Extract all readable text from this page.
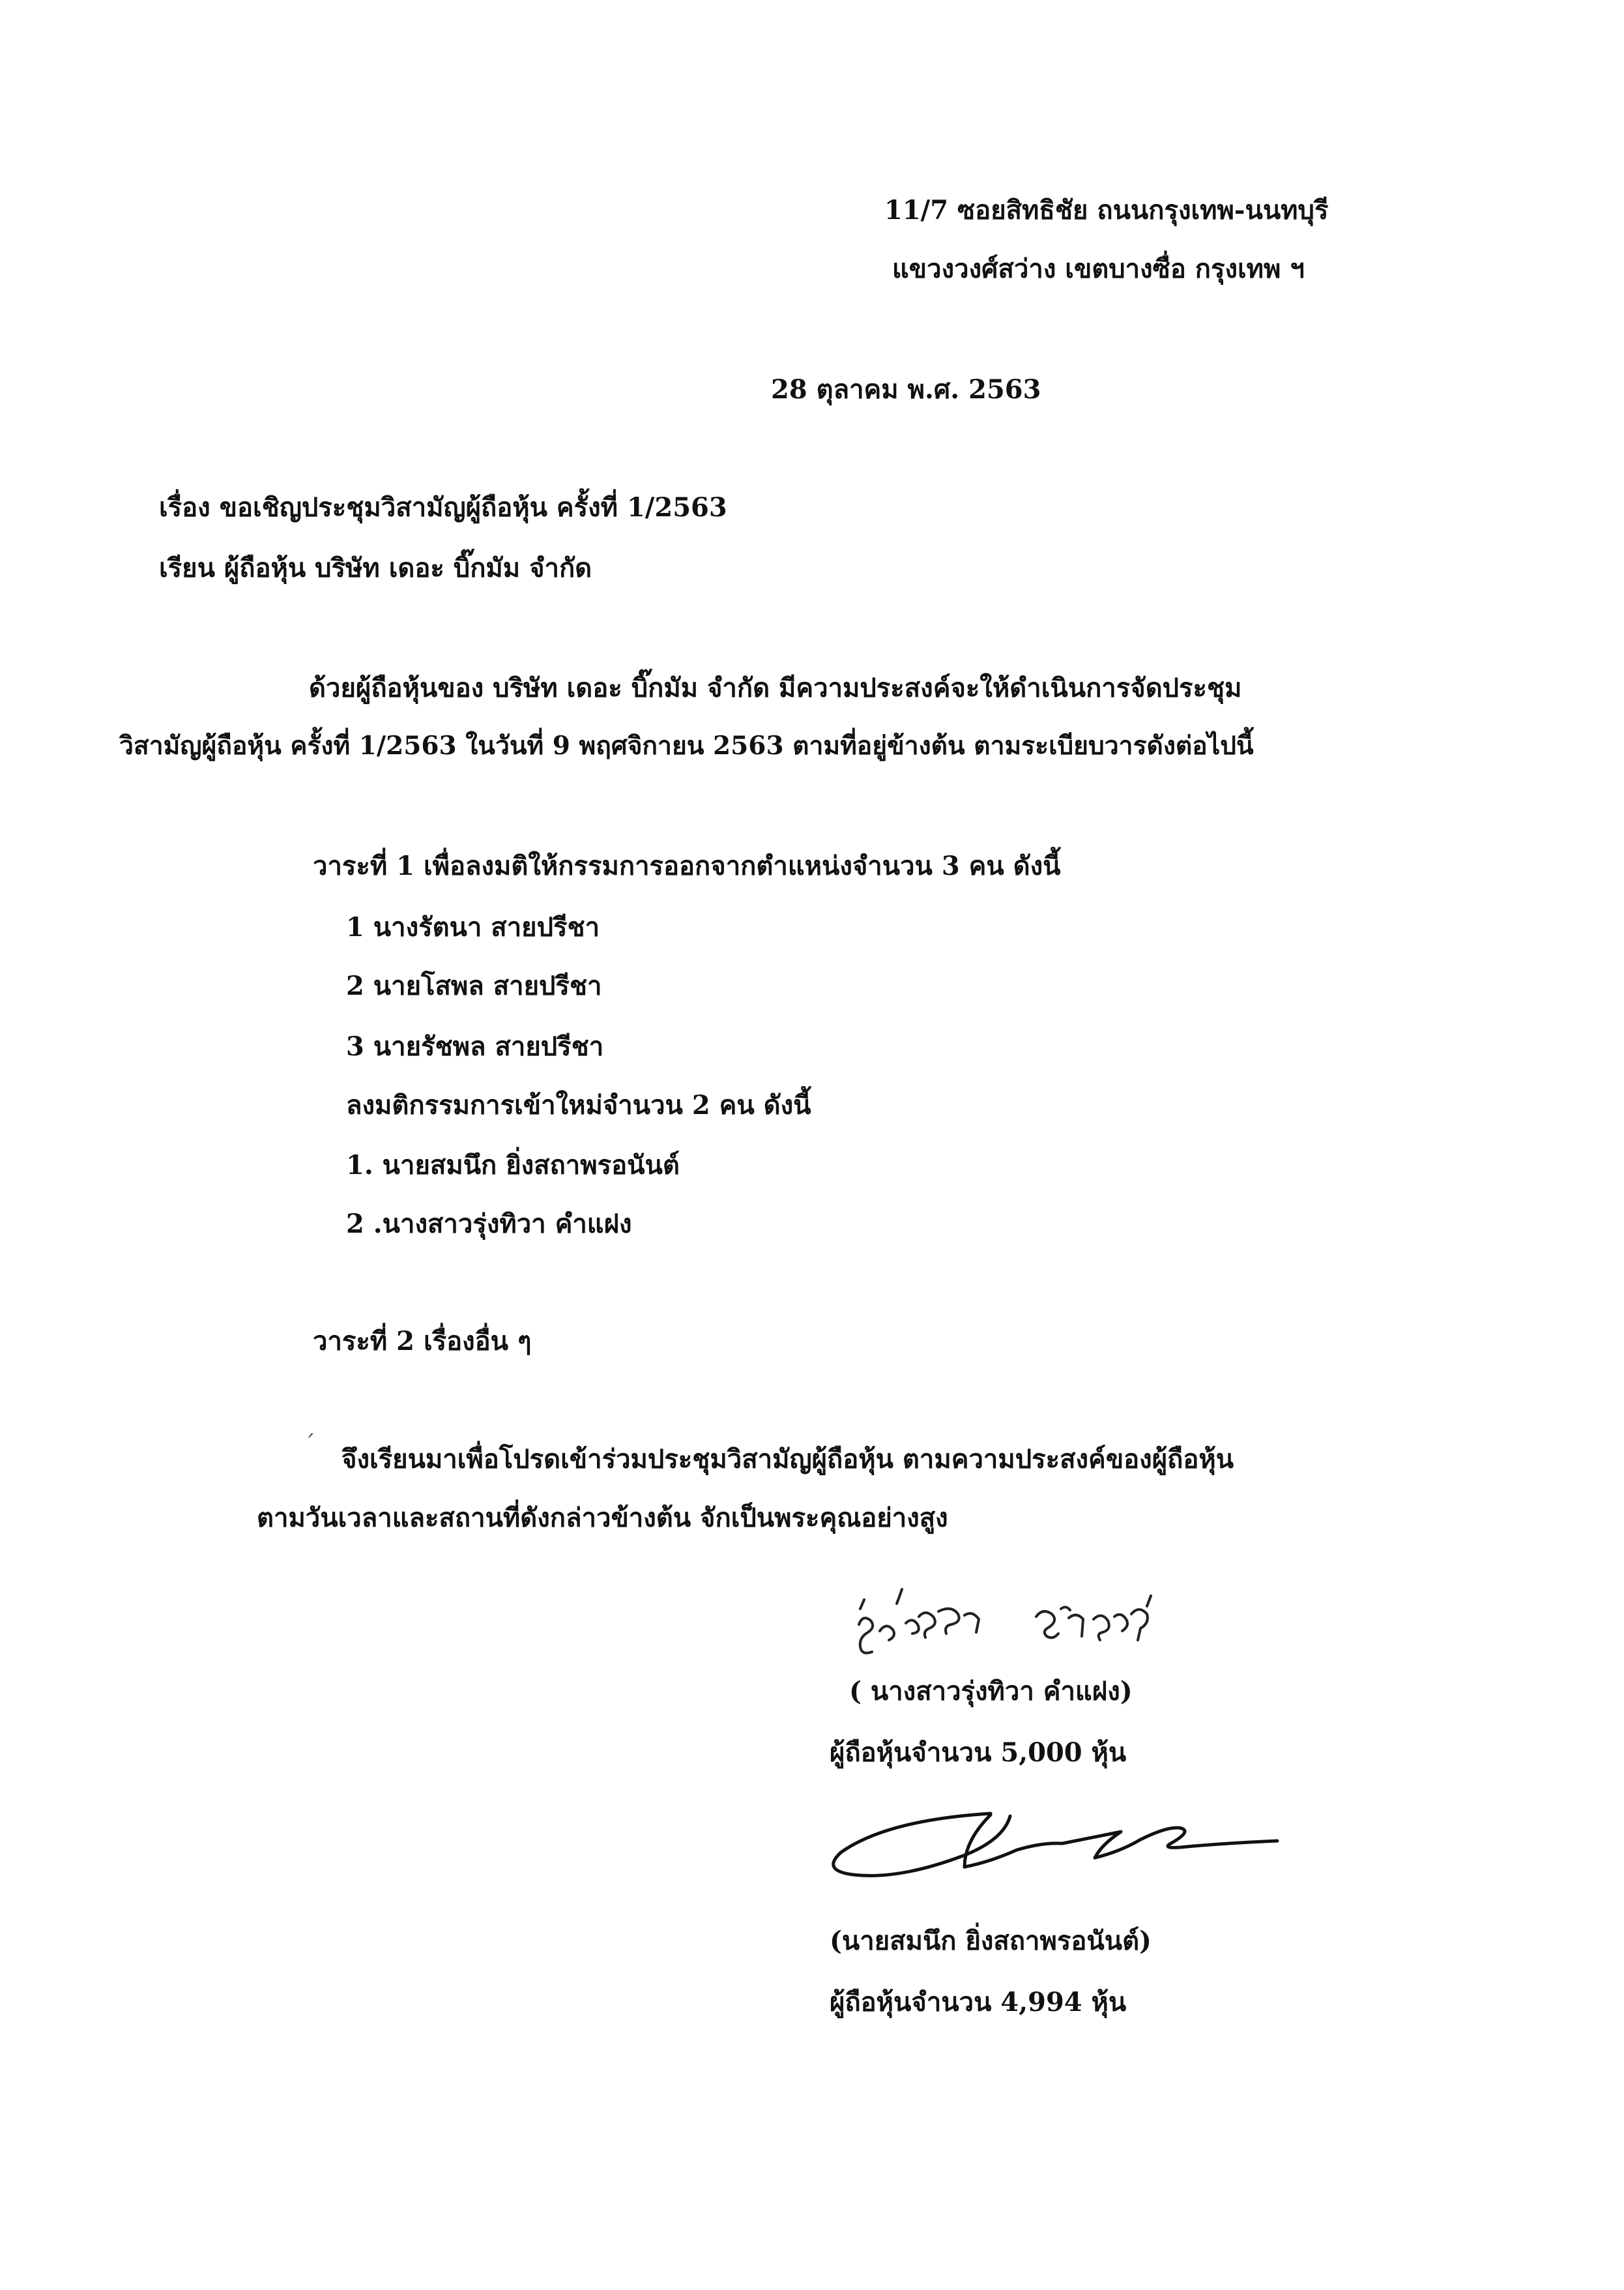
11/7 ซอยสิทธิชัย ถนนกรุงเทพ-นนทบุรี
แขวงวงศ์สว่าง เขตบางซื่อ กรุงเทพ ฯ
28 ตุลาคม พ.ศ. 2563
เรื่อง ขอเชิญประชุมวิสามัญผู้ถือหุ้น ครั้งที่ 1/2563
เรียน ผู้ถือหุ้น บริษัท เดอะ บิ๊กมัม จำกัด
ด้วยผู้ถือหุ้นของ บริษัท เดอะ บิ๊กมัม จำกัด มีความประสงค์จะให้ดำเนินการจัดประชุม
วิสามัญผู้ถือหุ้น ครั้งที่ 1/2563 ในวันที่ 9 พฤศจิกายน 2563 ตามที่อยู่ข้างต้น ตามระเบียบวารดังต่อไปนี้
วาระที่ 1 เพื่อลงมติให้กรรมการออกจากตำแหน่งจำนวน 3 คน ดังนี้
1 นางรัตนา สายปรีชา
2 นายโสพล สายปรีชา
3 นายรัชพล สายปรีชา
ลงมติกรรมการเข้าใหม่จำนวน 2 คน ดังนี้
1. นายสมนึก ยิ่งสถาพรอนันต์
2 .นางสาวรุ่งทิวา คำแฝง
วาระที่ 2 เรื่องอื่น ๆ
ˊ จึงเรียนมาเพื่อโปรดเข้าร่วมประชุมวิสามัญผู้ถือหุ้น ตามความประสงค์ของผู้ถือหุ้น
ตามวันเวลาและสถานที่ดังกล่าวข้างต้น จักเป็นพระคุณอย่างสูง
( นางสาวรุ่งทิวา คำแฝง)
ผู้ถือหุ้นจำนวน 5,000 หุ้น
(นายสมนึก ยิ่งสถาพรอนันต์)
ผู้ถือหุ้นจำนวน 4,994 หุ้น
